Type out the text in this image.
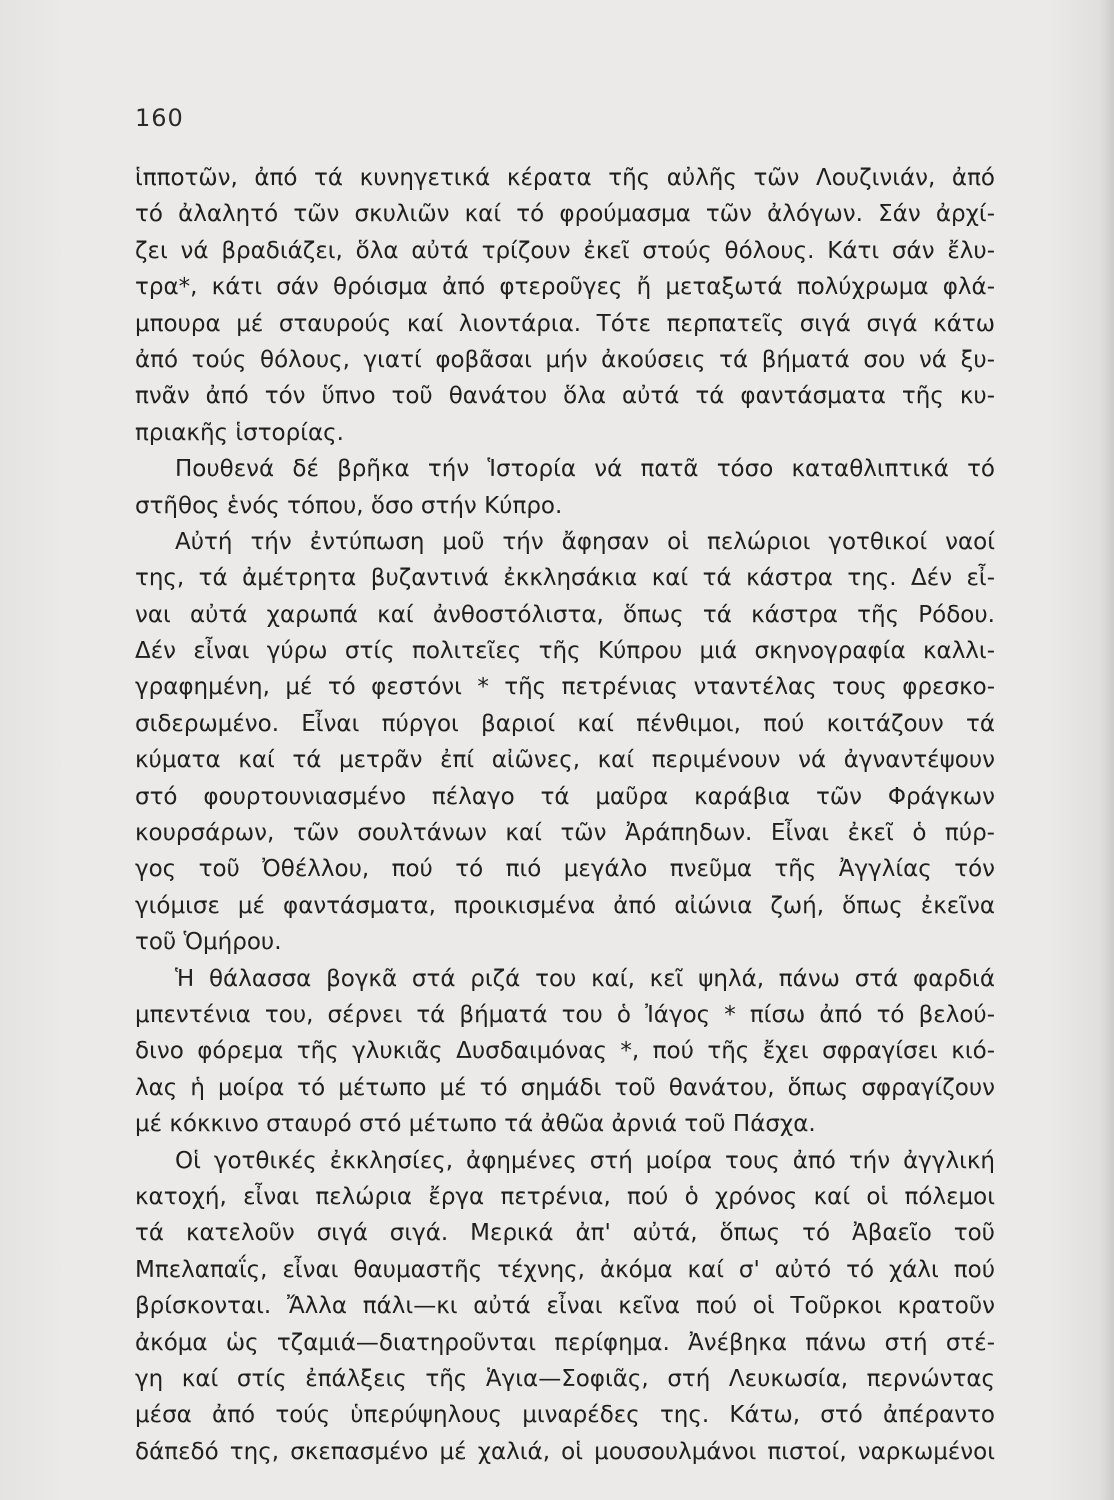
160
ἱπποτῶν, ἀπό τά κυνηγετικά κέρατα τῆς αὐλῆς τῶν Λουζινιάν, ἀπό
τό ἀλαλητό τῶν σκυλιῶν καί τό φρούμασμα τῶν ἀλόγων. Σάν ἀρχί-
ζει νά βραδιάζει, ὅλα αὐτά τρίζουν ἐκεῖ στούς θόλους. Κάτι σάν ἔλυ-
τρα*, κάτι σάν θρόισμα ἀπό φτεροῦγες ἤ μεταξωτά πολύχρωμα φλά-
μπουρα μέ σταυρούς καί λιοντάρια. Τότε περπατεῖς σιγά σιγά κάτω
ἀπό τούς θόλους, γιατί φοβᾶσαι μήν ἀκούσεις τά βήματά σου νά ξυ-
πνᾶν ἀπό τόν ὕπνο τοῦ θανάτου ὅλα αὐτά τά φαντάσματα τῆς κυ-
πριακῆς ἱστορίας.
Πουθενά δέ βρῆκα τήν Ἱστορία νά πατᾶ τόσο καταθλιπτικά τό
στῆθος ἑνός τόπου, ὅσο στήν Κύπρο.
Αὐτή τήν ἐντύπωση μοῦ τήν ἄφησαν οἱ πελώριοι γοτθικοί ναοί
της, τά ἀμέτρητα βυζαντινά ἐκκλησάκια καί τά κάστρα της. Δέν εἶ-
ναι αὐτά χαρωπά καί ἀνθοστόλιστα, ὅπως τά κάστρα τῆς Ρόδου.
Δέν εἶναι γύρω στίς πολιτεῖες τῆς Κύπρου μιά σκηνογραφία καλλι-
γραφημένη, μέ τό φεστόνι * τῆς πετρένιας νταντέλας τους φρεσκο-
σιδερωμένο. Εἶναι πύργοι βαριοί καί πένθιμοι, πού κοιτάζουν τά
κύματα καί τά μετρᾶν ἐπί αἰῶνες, καί περιμένουν νά ἀγναντέψουν
στό φουρτουνιασμένο πέλαγο τά μαῦρα καράβια τῶν Φράγκων
κουρσάρων, τῶν σουλτάνων καί τῶν Ἀράπηδων. Εἶναι ἐκεῖ ὁ πύρ-
γος τοῦ Ὀθέλλου, πού τό πιό μεγάλο πνεῦμα τῆς Ἀγγλίας τόν
γιόμισε μέ φαντάσματα, προικισμένα ἀπό αἰώνια ζωή, ὅπως ἐκεῖνα
τοῦ Ὁμήρου.
Ἡ θάλασσα βογκᾶ στά ριζά του καί, κεῖ ψηλά, πάνω στά φαρδιά
μπεντένια του, σέρνει τά βήματά του ὁ Ἰάγος * πίσω ἀπό τό βελού-
δινο φόρεμα τῆς γλυκιᾶς Δυσδαιμόνας *, πού τῆς ἔχει σφραγίσει κιό-
λας ἡ μοίρα τό μέτωπο μέ τό σημάδι τοῦ θανάτου, ὅπως σφραγίζουν
μέ κόκκινο σταυρό στό μέτωπο τά ἀθῶα ἀρνιά τοῦ Πάσχα.
Οἱ γοτθικές ἐκκλησίες, ἀφημένες στή μοίρα τους ἀπό τήν ἀγγλική
κατοχή, εἶναι πελώρια ἔργα πετρένια, πού ὁ χρόνος καί οἱ πόλεμοι
τά κατελοῦν σιγά σιγά. Μερικά ἀπ' αὐτά, ὅπως τό Ἀβαεῖο τοῦ
Μπελαπαΐς, εἶναι θαυμαστῆς τέχνης, ἀκόμα καί σ' αὐτό τό χάλι πού
βρίσκονται. Ἄλλα πάλι—κι αὐτά εἶναι κεῖνα πού οἱ Τοῦρκοι κρατοῦν
ἀκόμα ὡς τζαμιά—διατηροῦνται περίφημα. Ἀνέβηκα πάνω στή στέ-
γη καί στίς ἐπάλξεις τῆς Ἁγια—Σοφιᾶς, στή Λευκωσία, περνώντας
μέσα ἀπό τούς ὑπερύψηλους μιναρέδες της. Κάτω, στό ἀπέραντο
δάπεδό της, σκεπασμένο μέ χαλιά, οἱ μουσουλμάνοι πιστοί, ναρκωμένοι
